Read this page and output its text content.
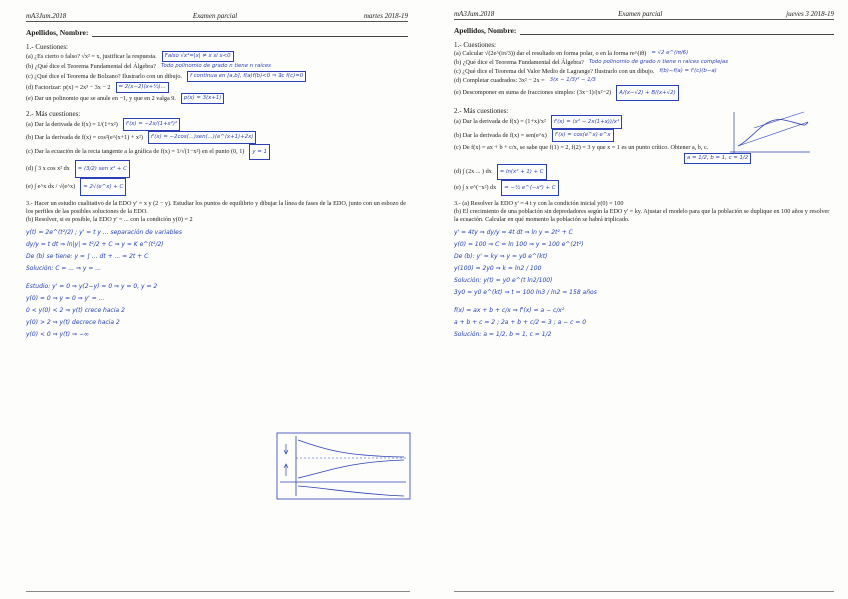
mA3Jum.2018	Examen parcial	martes 2018-19
Apellidos, Nombre:
1.- Cuestiones:
(a) ¿Es cierto o falso? √x² = x, justificar la respuesta.	Falso √x²=|x| ≠ x si x<0
(b) ¿Qué dice el Teorema Fundamental del Álgebra? Todo polinomio de grado n tiene n raíces
(c) ¿Qué dice el Teorema de Bolzano? Ilustrarlo con un dibujo.	f continua en [a,b], f(a)f(b)<0 ⇒ ∃c f(c)=0
(d) Factorizar: p(x) = 2x³ − 3x − 2	= 2(x−2)(x+½)...
(e) Dar un polinomio que se anule en −1, y que en 2 valga 9.	p(x) = 3(x+1)
2.- Más cuestiones:
(a) Dar la derivada de f(x) = 1/(1+x²)	f'(x) = −2x/(1+x²)²
(b) Dar la derivada de f(x) = cos²(e^(x+1) + x²)	f'(x) = −2cos(...)sen(...)(e^(x+1)+2x)
(c) Dar la ecuación de la recta tangente a la gráfica de f(x) = 1/√(1−x²) en el punto (0, 1)	y = 1
(d) ∫ 3 x cos x² dx	= (3/2) sen x² + C
(e) ∫ e^x dx / √(e^x)	= 2√(e^x) + C
3.- Hacer un estudio cualitativo de la EDO y' = x y (2 − y). Estudiar los puntos de equilibrio y dibujar la línea de fases de la EDO, junto con un esbozo de los perfiles de las posibles soluciones de la EDO.
(b) Resolver, si es posible, la EDO y' = ... con la condición y(0) = 2
y(t) = 2e^(t²/2) ; y' = t y ... separación de variables
dy/y = t dt ⇒ ln|y| = t²/2 + C ⇒ y = K e^(t²/2)
De (b) se tiene: y = ∫ ... dt + ... = 2t + C
Solución: C = ... ⇒ y = ...
Estudio: y' = 0 ⇒ y(2−y) = 0 ⇒ y = 0, y = 2
y(0) = 0 ⇒ y = 0 ⇒ y' = ...
0 < y(0) < 2 ⇒ y(t) crece hacia 2
y(0) > 2 ⇒ y(t) decrece hacia 2
y(0) < 0 ⇒ y(t) ⇒ −∞
mA3Jum.2018	Examen parcial	jueves 3 2018-19
Apellidos, Nombre:
1.- Cuestiones:
(a) Calcular √(2e^(iπ/3)) dar el resultado en forma polar, o en la forma re^(iθ) = √2 e^(iπ/6)
(b) ¿Qué dice el Teorema Fundamental del Álgebra? Todo polinomio de grado n tiene n raíces complejas
(c) ¿Qué dice el Teorema del Valor Medio de Lagrange? Ilustrarlo con un dibujo. f(b)−f(a) = f'(c)(b−a)
(d) Completar cuadrados: 3x² − 2x = 3(x − 1/3)² − 1/3
(e) Descomponer en suma de fracciones simples: (3x−1)/(x²−2)	A/(x−√2) + B/(x+√2)
2.- Más cuestiones:
(a) Dar la derivada de f(x) = (1+x)/x²	f'(x) = (x² − 2x(1+x))/x⁴
(b) Dar la derivada de f(x) = sen(e^x)	f'(x) = cos(e^x) e^x
(c) De f(x) = ax + b + c/x, se sabe que f(1) = 2, f(2) = 3 y que x = 1 es un punto crítico. Obtener a, b, c.
a = 1/2, b = 1, c = 1/2
(d) ∫ (2x ... ) dx	= ln(x² + 1) + C
(e) ∫ x e^(−x²) dx	= −½ e^(−x²) + C
3.- (a) Resolver la EDO y' = 4 t y con la condición inicial y(0) = 100
(b) El crecimiento de una población sin depredadores según la EDO y' = ky. Ajustar el modelo para que la población se duplique en 100 años y resolver la ecuación. Calcular en qué momento la población se habrá triplicado.
y' = 4ty ⇒ dy/y = 4t dt ⇒ ln y = 2t² + C
y(0) = 100 ⇒ C = ln 100 ⇒ y = 100 e^(2t²)
De (b): y' = ky ⇒ y = y0 e^(kt)
y(100) = 2y0 ⇒ k = ln2 / 100
Solución: y(t) = y0 e^(t ln2/100)
3y0 = y0 e^(kt) ⇒ t = 100 ln3 / ln2 ≈ 158 años
f(x) = ax + b + c/x ⇒ f'(x) = a − c/x²
a + b + c = 2 ; 2a + b + c/2 = 3 ; a − c = 0
Solución: a = 1/2, b = 1, c = 1/2
